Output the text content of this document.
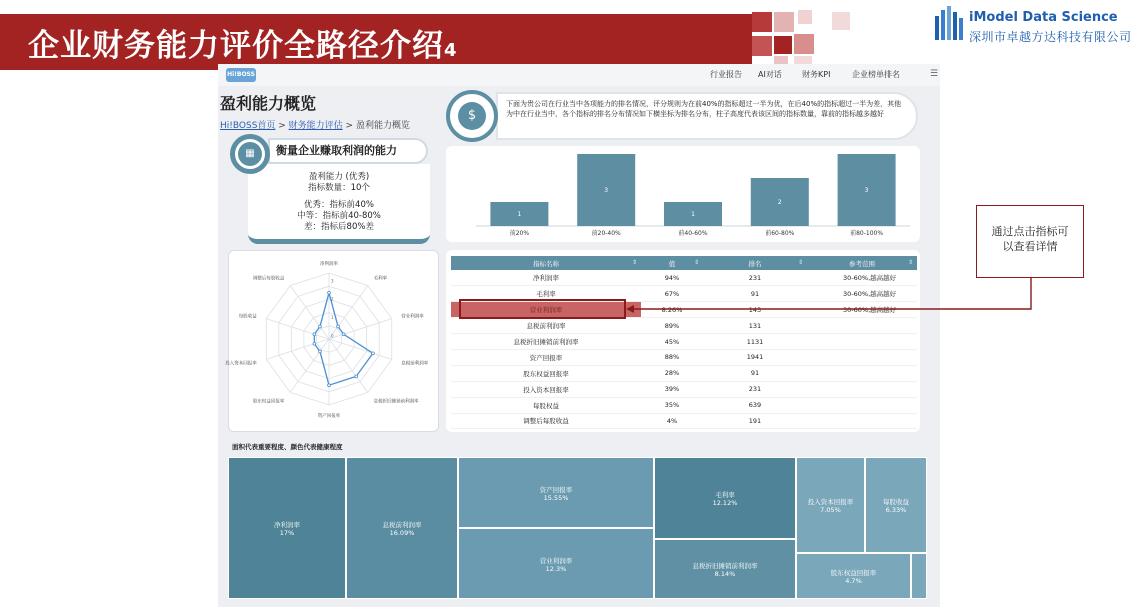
企业财务能力评价全路径介绍4
iModel Data Science
深圳市卓越方达科技有限公司
Hi!BOSS	行业报告 AI对话	财务KPI	企业榜单排名	☰
盈利能力概览
Hi!BOSS首页 > 财务能力评估 > 盈利能力概览
盈利能力 (优秀)
指标数量：10个
优秀：指标前40%
中等：指标前40-80%
差：指标后80%差
衡量企业赚取利润的能力
▦
下面为贵公司在行业当中各项能力的排名情况，评分规则为在前40%的指标超过一半为优，在后40%的指标超过一半为差，其他为中在行业当中，各个指标的排名分布情况如下横坐标为排名分布，柱子高度代表该区间的指标数量，靠前的指标越多越好
$
1
前20%
3
前20-40%
1
前40-60%
2
前60-80%
3
前80-100%
净利润率
毛利率
营业利润率
息税前利润率
息税折旧摊销前利润率
资产回报率
股东权益回报率
投入资本回报率
每股收益
调整后每股收益
0
1
2
3
指标名称 ⇕	值 ⇕	排名 ⇕	参考范围 ⇕

净利润率	94%	231	30-60%,越高越好
毛利率	67%	91	30-60%,越高越好
营业利润率	8.26%	143	30-60%,越高越好
息税前利润率	89%	131	
息税折旧摊销前利润率	45%	1131	
资产回报率	88%	1941	
股东权益回报率	28%	91	
投入资本回报率	39%	231	
每股权益	35%	639	
调整后每股收益	4%	191	
面积代表重要程度、颜色代表健康程度
净利润率
17%
息税前利润率
16.09%
资产回报率
15.55%
营业利润率
12.3%
毛利率
12.12%
息税折旧摊销前利润率
8.14%
投入资本回报率
7.05%
每股收益
6.33%
股东权益回报率
4.7%
通过点击指标可
以查看详情
